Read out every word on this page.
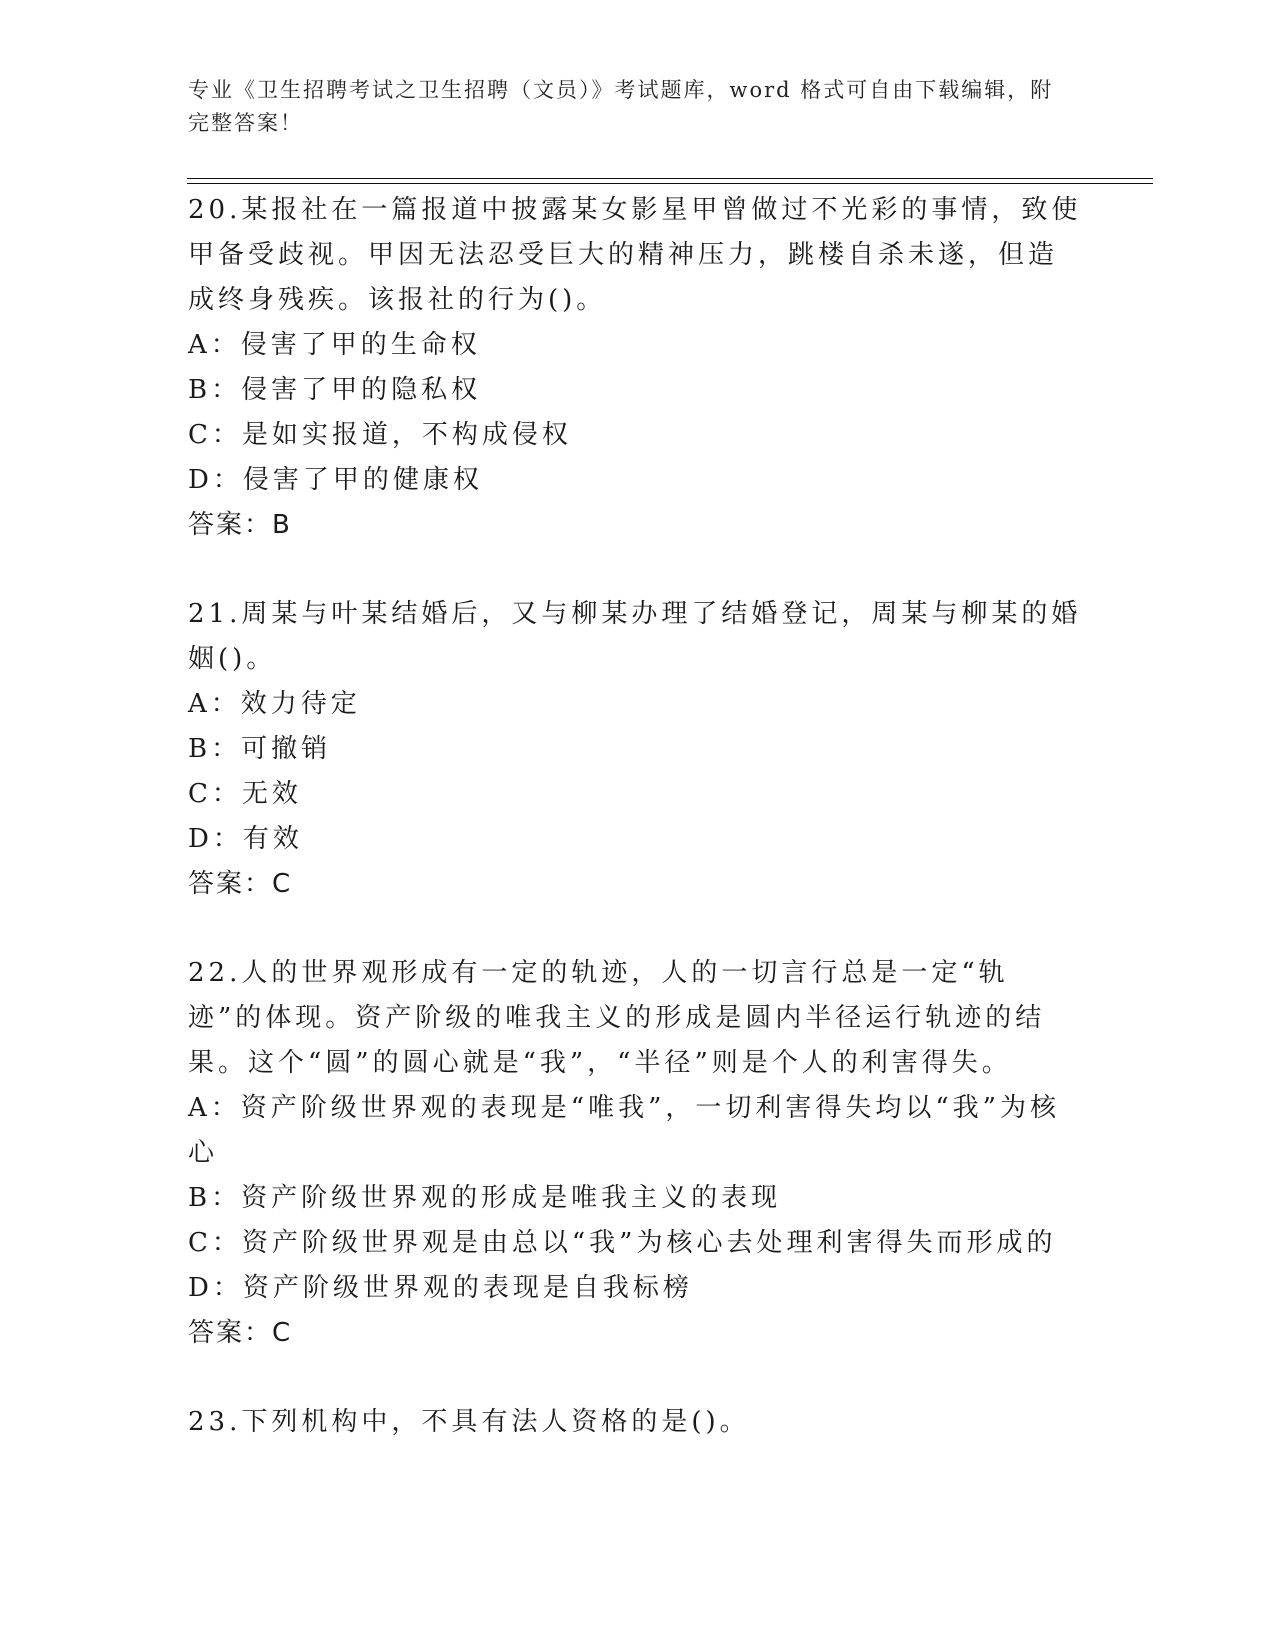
专业《卫生招聘考试之卫生招聘（文员）》考试题库，word 格式可自由下载编辑，附完整答案！

20.某报社在一篇报道中披露某女影星甲曾做过不光彩的事情，致使甲备受歧视。甲因无法忍受巨大的精神压力，跳楼自杀未遂，但造成终身残疾。该报社的行为()。

A：侵害了甲的生命权

B：侵害了甲的隐私权

C：是如实报道，不构成侵权

D：侵害了甲的健康权

答案：B

21.周某与叶某结婚后，又与柳某办理了结婚登记，周某与柳某的婚姻()。

A：效力待定

B：可撤销

C：无效

D：有效

答案：C

22.人的世界观形成有一定的轨迹，人的一切言行总是一定“轨迹”的体现。资产阶级的唯我主义的形成是圆内半径运行轨迹的结果。这个“圆”的圆心就是“我”，“半径”则是个人的利害得失。

A：资产阶级世界观的表现是“唯我”，一切利害得失均以“我”为核心

B：资产阶级世界观的形成是唯我主义的表现

C：资产阶级世界观是由总以“我”为核心去处理利害得失而形成的

D：资产阶级世界观的表现是自我标榜

答案：C

23.下列机构中，不具有法人资格的是()。
